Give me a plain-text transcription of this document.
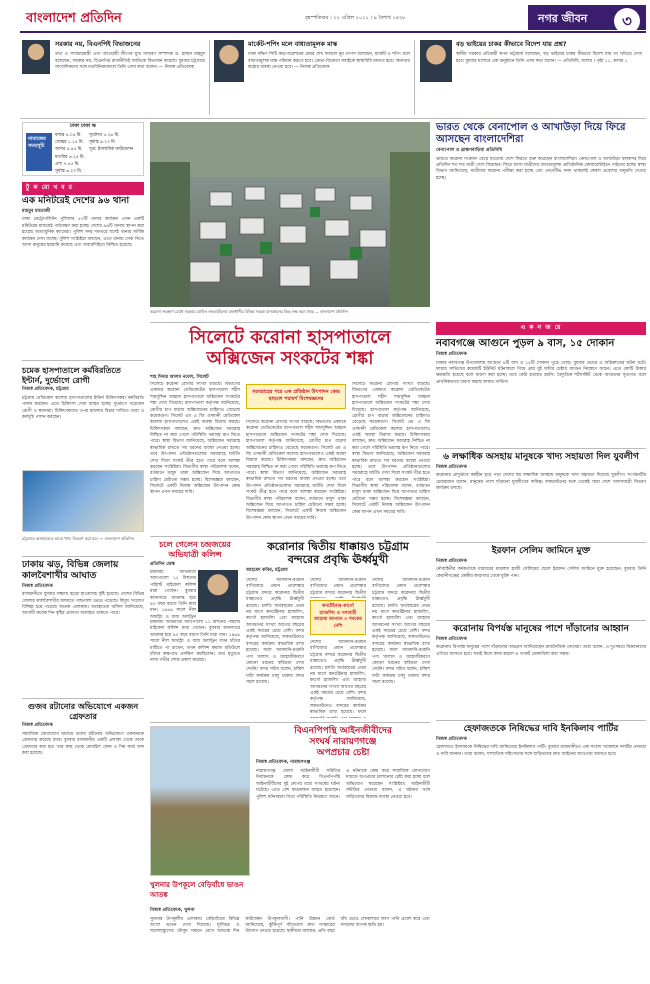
বাংলাদেশ প্রতিদিন	বৃহস্পতিবার । ২২ এপ্রিল ২০২১ । ৯ বৈশাখ ১৪২৮	নগর জীবন	৩
সরকার নয়, বিএনপিই বিভাজনের
তথ্য ও সম্প্রচারমন্ত্রী এবং আওয়ামী লীগের যুগ্ম সাধারণ সম্পাদক ড. হাছান মাহমুদ বলেছেন, সরকার নয়, বিএনপির রাজনীতিই জাতিকে বিভাজন করেছে। বুধবার চট্টগ্রামে সাংবাদিকদের সঙ্গে মতবিনিময়কালে তিনি এসব কথা বলেন। — নিজস্ব প্রতিবেদক
মার্কেট-শপিং মলে বাধ্যতামূলক মাস্ক
ঢাকা দক্ষিণ সিটি করপোরেশনের মেয়র শেখ ফজলে নূর তাপস বলেছেন, মার্কেট ও শপিং মলে বাধ্যতামূলক মাস্ক পরিধান করতে হবে। ক্রেতা-বিক্রেতা সবাইকে স্বাস্থ্যবিধি মানতে হবে। অন্যথায় কঠোর ব্যবস্থা নেওয়া হবে। — নিজস্ব প্রতিবেদক
বড় ভাইয়ের চাকর কীভাবে বিদেশ যায় প্রশ্ন?
স্থানীয় সরকার প্রতিমন্ত্রী স্বপন ভট্টাচার্য বলেছেন, বড় ভাইয়ের চাকর কীভাবে বিদেশ যায় তা খতিয়ে দেখা হবে। বুধবার যশোরে এক অনুষ্ঠানে তিনি এসব কথা বলেন। — প্রতিনিধি, যশোর । পৃষ্ঠা ১১, কলাম ১
ঢাকা ঢাকা ক্ষ
নামাজের সময়সূচি
ফজর ৪.০৫ মি.	সূর্যোদয় ৫.২৬ মি.
জোহর ১.১৫ মি. সূর্যাস্ত ৬.২৩ মি.
আসর ৪.৪৫ মি.	সূত্র: ইসলামিক ফাউন্ডেশন
মাগরিব ৬.২৫ মি.
এশা ৭.৫৫ মি.
সূর্যাস্ত ৬.২৩ মি.
টু ক রো খ ব র
এক মনিটরেই দেশের ৯৬ থানা
মাহবুব মমতাজী
ঢাকা মেট্রোপলিটন পুলিশের ৫০টি থানার কার্যক্রম এখন একটি মনিটরের মাধ্যমেই পর্যবেক্ষণ করা হচ্ছে। দেশের ৯৬টি থানায় স্থাপন করা হয়েছে অত্যাধুনিক ক্যামেরা। পুলিশ সদর দফতরে বসেই থানার সার্বিক কার্যক্রম দেখা যাচ্ছে। পুলিশ সংশ্লিষ্টরা বলছেন, এতে থানায় সেবা নিতে আসা মানুষের হয়রানি কমেছে এবং জবাবদিহিতা নিশ্চিত হয়েছে।
চমেক হাসপাতালে কর্মবিরতিতে ইন্টার্ন, দুর্ভোগে রোগী
নিজস্ব প্রতিবেদক, চট্টগ্রাম
চট্টগ্রাম মেডিকেল কলেজ হাসপাতালের ইন্টার্ন চিকিৎসকরা কর্মবিরতি পালন করছেন। এতে চিকিৎসা সেবা ব্যাহত হচ্ছে। দুর্ভোগে পড়েছেন রোগী ও স্বজনরা। চিকিৎসকদের ওপর হামলার বিচার দাবিতে তারা এ কর্মসূচি পালন করছেন।
চট্টগ্রামে অসহায়দের মাঝে খাদ্য বিতরণ করা হয়। — বাংলাদেশ প্রতিদিন
ঢাকায় ঝড়, বিভিন্ন জেলায় কালবৈশাখীর আঘাত
নিজস্ব প্রতিবেদক
রাজধানীতে বুধবার সন্ধ্যায় ঝড়ো হাওয়াসহ বৃষ্টি হয়েছে। দেশের বিভিন্ন জেলায় কালবৈশাখীর আঘাতে গাছপালা ভেঙে পড়েছে। বিদ্যুৎ সংযোগ বিচ্ছিন্ন হয়ে পড়েছে অনেক এলাকায়। আবহাওয়া অফিস জানিয়েছে, আগামী কয়েক দিন বৃষ্টির প্রবণতা অব্যাহত থাকতে পারে।
গুজব রটানোর অভিযোগে একজন গ্রেফতার
নিজস্ব প্রতিবেদক
সামাজিক যোগাযোগ মাধ্যমে গুজব রটানোর অভিযোগে একজনকে গ্রেফতার করেছে র‌্যাব। বুধবার রাজধানীর একটি এলাকা থেকে তাকে গ্রেফতার করা হয়। তার কাছ থেকে মোবাইল ফোন ও সিম কার্ড জব্দ করা হয়েছে।
করোনা সংক্রমণ রোধে সরকার ঘোষিত লকডাউনেও রাজধানীর বিভিন্ন সড়কে যানবাহনের ভিড় লক্ষ করা গেছে — বাংলাদেশ প্রতিদিন
ভারত থেকে বেনাপোল ও আখাউড়া দিয়ে ফিরে আসছেন বাংলাদেশিরা
বেনাপোল ও ব্রাহ্মণবাড়িয়া প্রতিনিধি
ভারতে করোনা সংক্রমণ বেড়ে যাওয়ায় দেশে ফিরতে শুরু করেছেন বাংলাদেশিরা। বেনাপোল ও আখাউড়া স্থলবন্দর দিয়ে প্রতিদিন শত শত যাত্রী দেশে ফিরছেন। ফিরে আসা যাত্রীদের বাধ্যতামূলক প্রাতিষ্ঠানিক কোয়ারেন্টাইনে পাঠানো হচ্ছে। স্বাস্থ্য বিভাগ জানিয়েছে, যাত্রীদের করোনা পরীক্ষা করা হচ্ছে এবং নেগেটিভ সনদ থাকলেই কেবল প্রবেশের অনুমতি দেওয়া হচ্ছে।
সিলেটে করোনা হাসপাতালে
অক্সিজেন সংকটের শঙ্কা
শাহ দিদার আলম নবেল, সিলেট
সিলেটে করোনা রোগীর সংখ্যা বাড়ছে। বিভাগের একমাত্র করোনা ডেডিকেটেড হাসপাতাল শহীদ শামসুদ্দিন আহমদ হাসপাতালে অক্সিজেন সংকটের শঙ্কা দেখা দিয়েছে। হাসপাতাল কর্তৃপক্ষ জানিয়েছে, রোগীর চাপ বাড়ায় অক্সিজেনের চাহিদাও বেড়েছে কয়েকগুণ। সিলেট এম এ জি ওসমানী মেডিকেল কলেজ হাসপাতালেও একই অবস্থা বিরাজ করছে। চিকিৎসকরা বলছেন, দ্রুত অক্সিজেন সরবরাহ নিশ্চিত না করা গেলে পরিস্থিতি ভয়াবহ রূপ নিতে পারে। স্বাস্থ্য বিভাগ জানিয়েছে, অক্সিজেন সরবরাহ স্বাভাবিক রাখতে সব ধরনের ব্যবস্থা নেওয়া হচ্ছে। তবে উৎপাদন প্রতিষ্ঠানগুলোর সরবরাহে ঘাটতি দেখা দিলে সংকট তীব্র হতে পারে বলে আশঙ্কা করছেন সংশ্লিষ্টরা। বিভাগীয় স্বাস্থ্য পরিচালক বলেন, বর্তমানে মজুদ থাকা অক্সিজেন দিয়ে আপাতত চাহিদা মেটানো সম্ভব হচ্ছে। বিশেষজ্ঞরা বলছেন, সিলেটে একটি নিজস্ব অক্সিজেন উৎপাদন কেন্দ্র স্থাপন এখন সময়ের দাবি।
সরবরাহের পরে এক প্রতিষ্ঠান উৎপাদন কেন্দ্র ছাড়লে পরামর্শ বিশেষজ্ঞদের
সিলেটে করোনা রোগীর সংখ্যা বাড়ছে। বিভাগের একমাত্র করোনা ডেডিকেটেড হাসপাতাল শহীদ শামসুদ্দিন আহমদ হাসপাতালে অক্সিজেন সংকটের শঙ্কা দেখা দিয়েছে। হাসপাতাল কর্তৃপক্ষ জানিয়েছে, রোগীর চাপ বাড়ায় অক্সিজেনের চাহিদাও বেড়েছে কয়েকগুণ। সিলেট এম এ জি ওসমানী মেডিকেল কলেজ হাসপাতালেও একই অবস্থা বিরাজ করছে। চিকিৎসকরা বলছেন, দ্রুত অক্সিজেন সরবরাহ নিশ্চিত না করা গেলে পরিস্থিতি ভয়াবহ রূপ নিতে পারে। স্বাস্থ্য বিভাগ জানিয়েছে, অক্সিজেন সরবরাহ স্বাভাবিক রাখতে সব ধরনের ব্যবস্থা নেওয়া হচ্ছে। তবে উৎপাদন প্রতিষ্ঠানগুলোর সরবরাহে ঘাটতি দেখা দিলে সংকট তীব্র হতে পারে বলে আশঙ্কা করছেন সংশ্লিষ্টরা। বিভাগীয় স্বাস্থ্য পরিচালক বলেন, বর্তমানে মজুদ থাকা অক্সিজেন দিয়ে আপাতত চাহিদা মেটানো সম্ভব হচ্ছে। বিশেষজ্ঞরা বলছেন, সিলেটে একটি নিজস্ব অক্সিজেন উৎপাদন কেন্দ্র স্থাপন এখন সময়ের দাবি।
সিলেটে করোনা রোগীর সংখ্যা বাড়ছে। বিভাগের একমাত্র করোনা ডেডিকেটেড হাসপাতাল শহীদ শামসুদ্দিন আহমদ হাসপাতালে অক্সিজেন সংকটের শঙ্কা দেখা দিয়েছে। হাসপাতাল কর্তৃপক্ষ জানিয়েছে, রোগীর চাপ বাড়ায় অক্সিজেনের চাহিদাও বেড়েছে কয়েকগুণ। সিলেট এম এ জি ওসমানী মেডিকেল কলেজ হাসপাতালেও একই অবস্থা বিরাজ করছে। চিকিৎসকরা বলছেন, দ্রুত অক্সিজেন সরবরাহ নিশ্চিত না করা গেলে পরিস্থিতি ভয়াবহ রূপ নিতে পারে। স্বাস্থ্য বিভাগ জানিয়েছে, অক্সিজেন সরবরাহ স্বাভাবিক রাখতে সব ধরনের ব্যবস্থা নেওয়া হচ্ছে। তবে উৎপাদন প্রতিষ্ঠানগুলোর সরবরাহে ঘাটতি দেখা দিলে সংকট তীব্র হতে পারে বলে আশঙ্কা করছেন সংশ্লিষ্টরা। বিভাগীয় স্বাস্থ্য পরিচালক বলেন, বর্তমানে মজুদ থাকা অক্সিজেন দিয়ে আপাতত চাহিদা মেটানো সম্ভব হচ্ছে। বিশেষজ্ঞরা বলছেন, সিলেটে একটি নিজস্ব অক্সিজেন উৎপাদন কেন্দ্র স্থাপন এখন সময়ের দাবি।
চলে গেলেন চন্দ্রজয়ের
অভিযাত্রী কলিন্স
প্রতিদিন ডেস্ক
চন্দ্রজয়ী অভিযাত্রী অ্যাপোলো ১১ মিশনের পাইলট মাইকেল কলিন্স মারা গেছেন। বুধবার ক্যানসারে আক্রান্ত হয়ে ৯০ বছর বয়সে তিনি মারা যান। ১৯৬৯ সালে নীল আর্মস্ট্রং ও বাজ অলড্রিন
চন্দ্রজয়ী অভিযাত্রী অ্যাপোলো ১১ মিশনের পাইলট মাইকেল কলিন্স মারা গেছেন। বুধবার ক্যানসারে আক্রান্ত হয়ে ৯০ বছর বয়সে তিনি মারা যান। ১৯৬৯ সালে নীল আর্মস্ট্রং ও বাজ অলড্রিন যখন চাঁদের মাটিতে পা রাখেন, তখন কলিন্স কমান্ড মডিউলে চাঁদের কক্ষপথে প্রদক্ষিণ করছিলেন। তার মৃত্যুতে নাসা গভীর শোক প্রকাশ করেছে।
করোনার দ্বিতীয় ধাক্কায়ও চট্টগ্রাম
বন্দরের প্রবৃদ্ধি ঊর্ধ্বমুখী
আহমেদ কবির, চট্টগ্রাম
দেশের আমদানি-রপ্তানি বাণিজ্যের প্রধান প্রবেশদ্বার চট্টগ্রাম বন্দরে করোনার দ্বিতীয় ধাক্কাতেও প্রবৃদ্ধি ঊর্ধ্বমুখী রয়েছে। চলতি অর্থবছরের প্রথম নয় মাসে কনটেইনার হ্যান্ডলিং, কার্গো হ্যান্ডলিং এবং জাহাজ আগমনের সংখ্যা আগের বছরের একই সময়ের চেয়ে বেশি। বন্দর কর্তৃপক্ষ জানিয়েছে, লকডাউনেও বন্দরের কার্যক্রম স্বাভাবিক রাখা হয়েছে। ফলে আমদানি-রপ্তানি পণ্য খালাস ও জাহাজীকরণে কোনো ধরনের স্থবিরতা দেখা দেয়নি। বন্দর সচিব বলেন, চব্বিশ ঘণ্টা কার্যক্রম চালু থাকায় বন্দর সচল রয়েছে।
কনটেইনার-কার্গো হ্যান্ডলিং ও পণ্যবাহী জাহাজ আগমন ৩ সবকের নেশি
দেশের আমদানি-রপ্তানি বাণিজ্যের প্রধান প্রবেশদ্বার চট্টগ্রাম বন্দরে করোনার দ্বিতীয়
দেশের আমদানি-রপ্তানি বাণিজ্যের প্রধান প্রবেশদ্বার চট্টগ্রাম বন্দরে করোনার দ্বিতীয় ধাক্কাতেও প্রবৃদ্ধি ঊর্ধ্বমুখী রয়েছে। চলতি অর্থবছরের প্রথম নয় মাসে কনটেইনার হ্যান্ডলিং, কার্গো হ্যান্ডলিং এবং জাহাজ আগমনের সংখ্যা আগের বছরের একই সময়ের চেয়ে বেশি। বন্দর কর্তৃপক্ষ জানিয়েছে, লকডাউনেও বন্দরের কার্যক্রম স্বাভাবিক রাখা হয়েছে। ফলে
দেশের আমদানি-রপ্তানি বাণিজ্যের প্রধান প্রবেশদ্বার চট্টগ্রাম বন্দরে করোনার দ্বিতীয় ধাক্কাতেও প্রবৃদ্ধি ঊর্ধ্বমুখী রয়েছে। চলতি অর্থবছরের প্রথম নয় মাসে কনটেইনার হ্যান্ডলিং, কার্গো হ্যান্ডলিং এবং জাহাজ আগমনের সংখ্যা আগের বছরের একই সময়ের চেয়ে বেশি। বন্দর কর্তৃপক্ষ জানিয়েছে, লকডাউনেও বন্দরের কার্যক্রম স্বাভাবিক রাখা হয়েছে। ফলে আমদানি-রপ্তানি পণ্য খালাস ও জাহাজীকরণে কোনো ধরনের স্থবিরতা দেখা দেয়নি। বন্দর সচিব বলেন, চব্বিশ ঘণ্টা কার্যক্রম চালু থাকায় বন্দর সচল রয়েছে।
খুলনার উপকূলে বেড়িবাঁধে ভাঙন আতঙ্ক
নিজস্ব প্রতিবেদক, খুলনা
খুলনার উপকূলীয় এলাকায় বেড়িবাঁধের বিভিন্ন অংশে ভাঙন দেখা দিয়েছে। ঘূর্ণিঝড় ও জলোচ্ছ্বাসের মৌসুম সামনে রেখে আতঙ্কে দিন কাটাচ্ছেন উপকূলবাসী। পানি উন্নয়ন বোর্ড জানিয়েছে, ঝুঁকিপূর্ণ বাঁধগুলো দ্রুত সংস্কারের উদ্যোগ নেওয়া হয়েছে। স্থানীয়রা বলছেন, প্রতি বছর বাঁধ ভেঙে লোকালয়ে লবণ পানি প্রবেশ করে এবং ফসলের ব্যাপক ক্ষতি হয়।
বিএনপিপন্থি আইনজীবীদের
সংঘর্ষ নারায়ণগঞ্জে
অপপ্রচার চেষ্টা
নিজস্ব প্রতিবেদক, নারায়ণগঞ্জ
নারায়ণগঞ্জ জেলা আইনজীবী সমিতির নির্বাচনকে কেন্দ্র করে বিএনপিপন্থি আইনজীবীদের দুই গ্রুপের মধ্যে সংঘর্ষের ঘটনা ঘটেছে। এতে বেশ কয়েকজন আহত হয়েছেন। পুলিশ ঘটনাস্থলে গিয়ে পরিস্থিতি নিয়ন্ত্রণে আনে। এ ঘটনাকে কেন্দ্র করে সামাজিক যোগাযোগ মাধ্যমে অপপ্রচার চালানোর চেষ্টা করা হচ্ছে বলে অভিযোগ করেছেন সংশ্লিষ্টরা। আইনজীবী সমিতির নেতারা বলেন, এ ঘটনার সঙ্গে জড়িতদের বিরুদ্ধে ব্যবস্থা নেওয়া হবে।
এ ক ন জ রে
নবাবগঞ্জে আগুনে পুড়ল ৯ বাস, ১৫ দোকান
নিজস্ব প্রতিবেদক
ঢাকার নবাবগঞ্জ উপজেলায় আগুনে ৯টি বাস ও ১৫টি দোকান পুড়ে গেছে। বুধবার ভোরে এ অগ্নিকাণ্ডের ঘটনা ঘটে। ফায়ার সার্ভিসের কয়েকটি ইউনিট ঘটনাস্থলে গিয়ে প্রায় দুই ঘণ্টার চেষ্টায় আগুন নিয়ন্ত্রণে আনে। এতে কোটি টাকার ক্ষয়ক্ষতি হয়েছে বলে ধারণা করা হচ্ছে। তবে কেউ হতাহত হয়নি। বৈদ্যুতিক শর্টসার্কিট থেকে আগুনের সূত্রপাত বলে প্রাথমিকভাবে ধারণা করছে ফায়ার সার্ভিস।
৬ লক্ষাধিক অসহায় মানুষকে খাদ্য সহায়তা দিল যুবলীগ
নিজস্ব প্রতিবেদক
করোনার প্রাদুর্ভাবে কর্মহীন হয়ে পড়া দেশের ছয় লক্ষাধিক অসহায় মানুষকে খাদ্য সহায়তা দিয়েছে যুবলীগ। সংগঠনটির চেয়ারম্যান বলেন, মানুষের পাশে দাঁড়ানো যুবলীগের দায়িত্ব। লকডাউনের শুরু থেকেই সারা দেশে খাদ্যসামগ্রী বিতরণ কার্যক্রম চলছে।
ইরফান সেলিম জামিনে মুক্ত
নিজস্ব প্রতিবেদক
নৌবাহিনীর কর্মকর্তাকে মারধরের মামলায় হাজী সেলিমের ছেলে ইরফান সেলিম জামিনে মুক্ত হয়েছেন। বুধবার তিনি কেরানীগঞ্জের কেন্দ্রীয় কারাগার থেকে মুক্তি পান।
করোনায় বিপর্যস্ত মানুষের পাশে দাঁড়ানোর আহ্বান
নিজস্ব প্রতিবেদক
করোনায় বিপর্যস্ত মানুষের পাশে দাঁড়ানোর আহ্বান জানিয়েছেন রাজনৈতিক নেতারা। তারা বলেন, এ দুঃসময়ে বিত্তবানদের এগিয়ে আসতে হবে। সবাই মিলে কাজ করলে এ সংকট মোকাবিলা করা সম্ভব।
হেফাজতকে নিষিদ্ধের দাবি ইনকিলাব পার্টির
নিজস্ব প্রতিবেদক
হেফাজতে ইসলামকে নিষিদ্ধের দাবি জানিয়েছে ইনকিলাব পার্টি। বুধবার রাজধানীতে এক সংবাদ সম্মেলনে দলটির নেতারা এ দাবি জানান। তারা বলেন, সাম্প্রতিক সহিংসতার সঙ্গে জড়িতদের দ্রুত আইনের আওতায় আনতে হবে।
